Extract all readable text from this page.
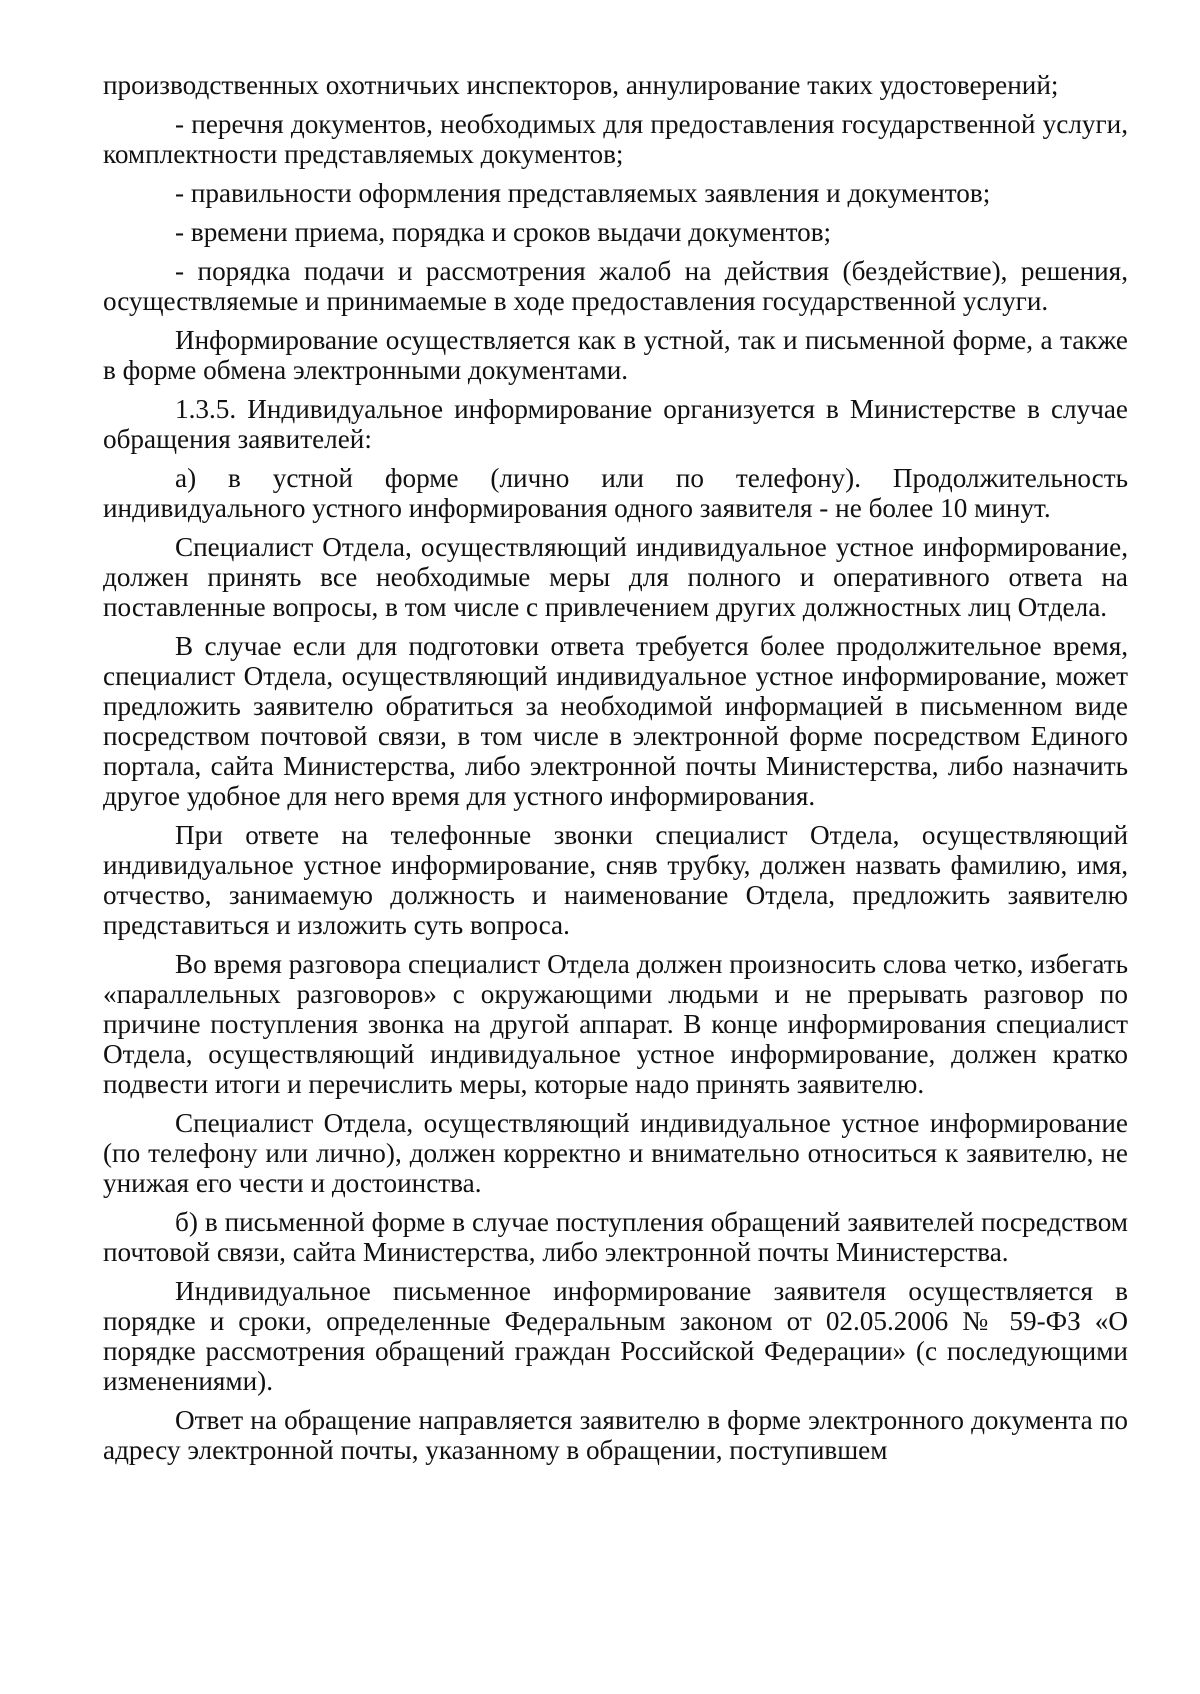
производственных охотничьих инспекторов, аннулирование таких удостоверений;

- перечня документов, необходимых для предоставления государственной услуги, комплектности представляемых документов;

- правильности оформления представляемых заявления и документов;

- времени приема, порядка и сроков выдачи документов;

- порядка подачи и рассмотрения жалоб на действия (бездействие), решения, осуществляемые и принимаемые в ходе предоставления государственной услуги.

Информирование осуществляется как в устной, так и письменной форме, а также в форме обмена электронными документами.

1.3.5. Индивидуальное информирование организуется в Министерстве в случае обращения заявителей:

а) в устной форме (лично или по телефону). Продолжительность индивидуального устного информирования одного заявителя - не более 10 минут.

Специалист Отдела, осуществляющий индивидуальное устное информирование, должен принять все необходимые меры для полного и оперативного ответа на поставленные вопросы, в том числе с привлечением других должностных лиц Отдела.

В случае если для подготовки ответа требуется более продолжительное время, специалист Отдела, осуществляющий индивидуальное устное информирование, может предложить заявителю обратиться за необходимой информацией в письменном виде посредством почтовой связи, в том числе в электронной форме посредством Единого портала, сайта Министерства, либо электронной почты Министерства, либо назначить другое удобное для него время для устного информирования.

При ответе на телефонные звонки специалист Отдела, осуществляющий индивидуальное устное информирование, сняв трубку, должен назвать фамилию, имя, отчество, занимаемую должность и наименование Отдела, предложить заявителю представиться и изложить суть вопроса.

Во время разговора специалист Отдела должен произносить слова четко, избегать «параллельных разговоров» с окружающими людьми и не прерывать разговор по причине поступления звонка на другой аппарат. В конце информирования специалист Отдела, осуществляющий индивидуальное устное информирование, должен кратко подвести итоги и перечислить меры, которые надо принять заявителю.

Специалист Отдела, осуществляющий индивидуальное устное информирование (по телефону или лично), должен корректно и внимательно относиться к заявителю, не унижая его чести и достоинства.

б) в письменной форме в случае поступления обращений заявителей посредством почтовой связи, сайта Министерства, либо электронной почты Министерства.

Индивидуальное письменное информирование заявителя осуществляется в порядке и сроки, определенные Федеральным законом от 02.05.2006 № 59-ФЗ «О порядке рассмотрения обращений граждан Российской Федерации» (с последующими изменениями).

Ответ на обращение направляется заявителю в форме электронного документа по адресу электронной почты, указанному в обращении, поступившем
